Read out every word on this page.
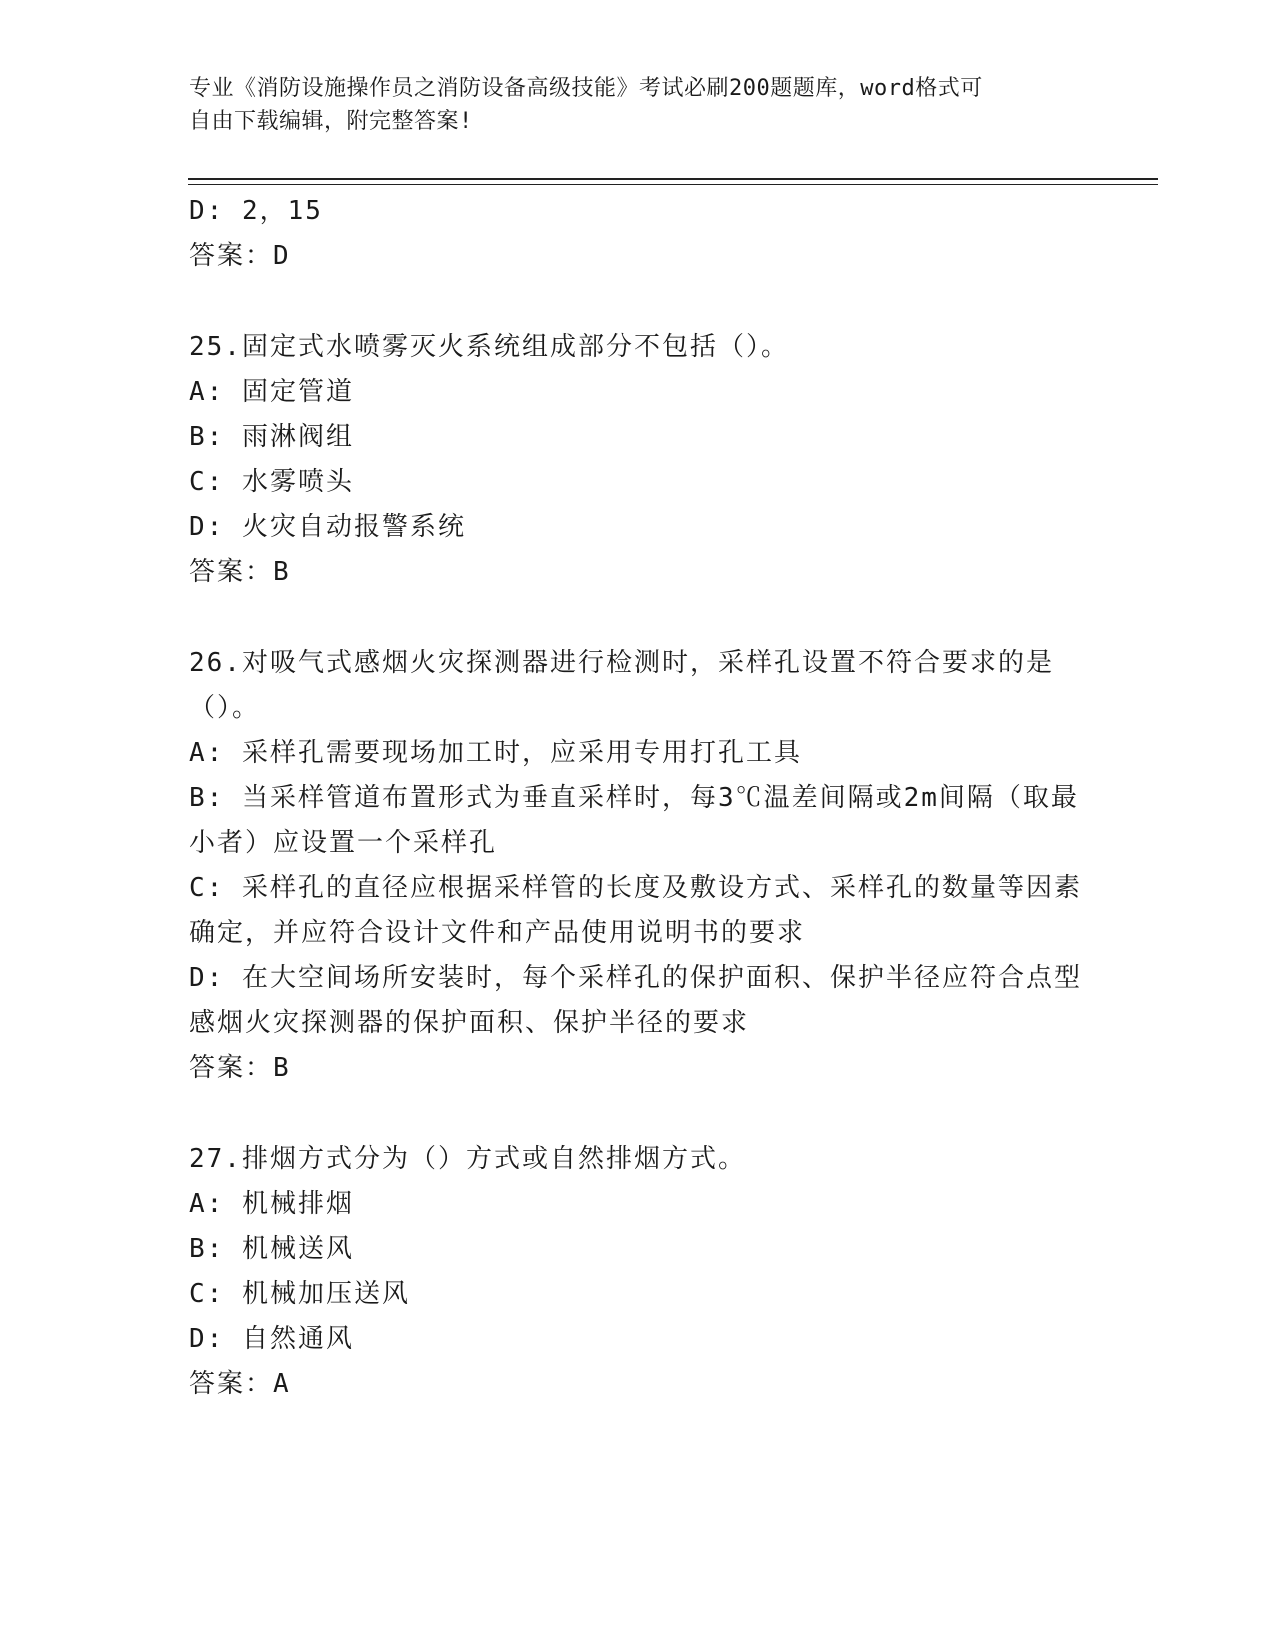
专业《消防设施操作员之消防设备高级技能》考试必刷200题题库，word格式可
自由下载编辑，附完整答案!
D: 2，15
答案：D
25.固定式水喷雾灭火系统组成部分不包括（）。
A: 固定管道
B: 雨淋阀组
C: 水雾喷头
D: 火灾自动报警系统
答案：B
26.对吸气式感烟火灾探测器进行检测时，采样孔设置不符合要求的是（）。
A: 采样孔需要现场加工时，应采用专用打孔工具
B: 当采样管道布置形式为垂直采样时，每3℃温差间隔或2m间隔（取最小者）应设置一个采样孔
C: 采样孔的直径应根据采样管的长度及敷设方式、采样孔的数量等因素确定，并应符合设计文件和产品使用说明书的要求
D: 在大空间场所安装时，每个采样孔的保护面积、保护半径应符合点型感烟火灾探测器的保护面积、保护半径的要求
答案：B
27.排烟方式分为（）方式或自然排烟方式。
A: 机械排烟
B: 机械送风
C: 机械加压送风
D: 自然通风
答案：A
